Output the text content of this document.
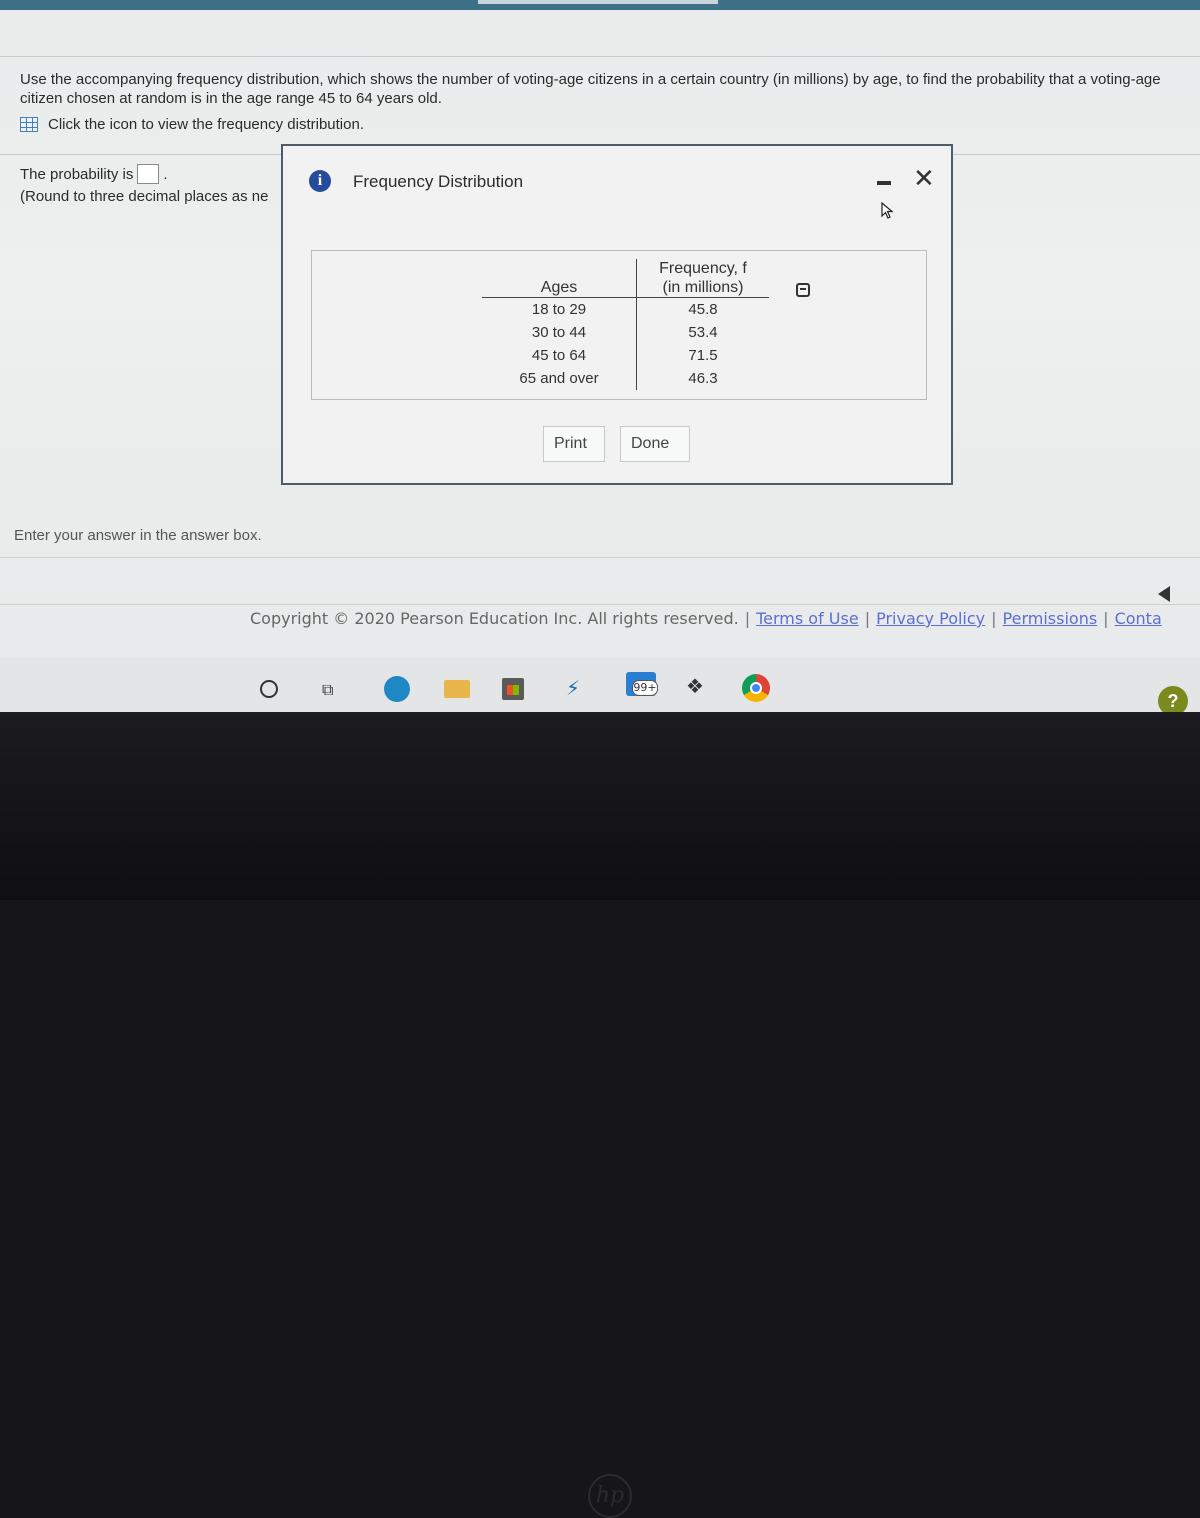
Use the accompanying frequency distribution, which shows the number of voting-age citizens in a certain country (in millions) by age, to find the probability that a voting-age citizen chosen at random is in the age range 45 to 64 years old.
Click the icon to view the frequency distribution.
The probability is .
(Round to three decimal places as ne
i	Frequency Distribution	✕
Ages	Frequency, f
(in millions)

18 to 29	45.8
30 to 44	53.4
45 to 64	71.5
65 and over	46.3
Print	Done
Enter your answer in the answer box.
Copyright © 2020 Pearson Education Inc. All rights reserved. | Terms of Use | Privacy Policy | Permissions | Conta
⧉	⚡	99+ ❖
?
hp
